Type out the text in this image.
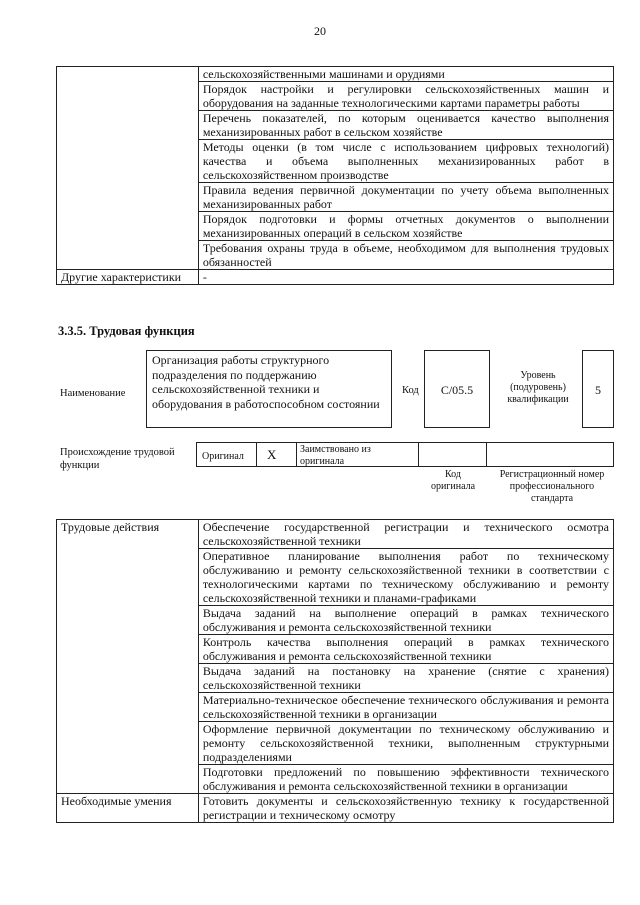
20
	сельскохозяйственными машинами и орудиями
	Порядок настройки и регулировки сельскохозяйственных машин и оборудования на заданные технологическими картами параметры работы
	Перечень показателей, по которым оценивается качество выполнения механизированных работ в сельском хозяйстве
	Методы оценки (в том числе с использованием цифровых технологий) качества и объема выполненных механизированных работ в сельскохозяйственном производстве
	Правила ведения первичной документации по учету объема выполненных механизированных работ
	Порядок подготовки и формы отчетных документов о выполнении механизированных операций в сельском хозяйстве
	Требования охраны труда в объеме, необходимом для выполнения трудовых обязанностей
Другие характеристики	-
3.3.5. Трудовая функция
Наименование
Организация работы структурного подразделения по поддержанию сельскохозяйственной техники и оборудования в работоспособном состоянии
Код	С/05.5
Уровень (подуровень) квалификации
5
Происхождение трудовой функции
Оригинал Х Заимствовано из оригинала
Код оригинала
Регистрационный номер профессионального стандарта
Трудовые действия	Обеспечение государственной регистрации и технического осмотра сельскохозяйственной техники
	Оперативное планирование выполнения работ по техническому обслуживанию и ремонту сельскохозяйственной техники в соответствии с технологическими картами по техническому обслуживанию и ремонту сельскохозяйственной техники и планами-графиками
	Выдача заданий на выполнение операций в рамках технического обслуживания и ремонта сельскохозяйственной техники
	Контроль качества выполнения операций в рамках технического обслуживания и ремонта сельскохозяйственной техники
	Выдача заданий на постановку на хранение (снятие с хранения) сельскохозяйственной техники
	Материально-техническое обеспечение технического обслуживания и ремонта сельскохозяйственной техники в организации
	Оформление первичной документации по техническому обслуживанию и ремонту сельскохозяйственной техники, выполненным структурными подразделениями
	Подготовки предложений по повышению эффективности технического обслуживания и ремонта сельскохозяйственной техники в организации
Необходимые умения	Готовить документы и сельскохозяйственную технику к государственной регистрации и техническому осмотру
